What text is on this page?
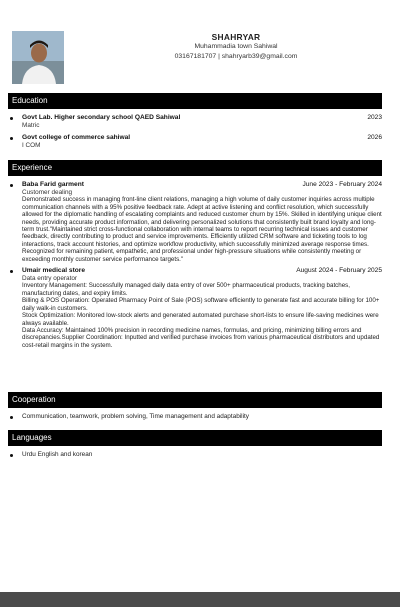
SHAHRYAR
Muhammadia town Sahiwal
03167181707 | shahryarb39@gmail.com
Education
Govt Lab. Higher secondary school QAED Sahiwal	2023
Matric
Govt college of commerce sahiwal	2026
I COM
Experience
Baba Farid garment	June 2023 - February 2024
Customer dealing
Demonstrated success in managing front-line client relations, managing a high volume of daily customer inquiries across multiple communication channels with a 95% positive feedback rate. Adept at active listening and conflict resolution, which successfully allowed for the diplomatic handling of escalating complaints and reduced customer churn by 15%. Skilled in identifying unique client needs, providing accurate product information, and delivering personalized solutions that consistently built brand loyalty and long-term trust."Maintained strict cross-functional collaboration with internal teams to report recurring technical issues and customer feedback, directly contributing to product and service improvements. Efficiently utilized CRM software and ticketing tools to log interactions, track account histories, and optimize workflow productivity, which successfully minimized average response times. Recognized for remaining patient, empathetic, and professional under high-pressure situations while consistently meeting or exceeding monthly customer service performance targets."
Umair medical store	August 2024 - February 2025
Data entry operator
Inventory Management: Successfully managed daily data entry of over 500+ pharmaceutical products, tracking batches, manufacturing dates, and expiry limits.
Billing & POS Operation: Operated Pharmacy Point of Sale (POS) software efficiently to generate fast and accurate billing for 100+ daily walk-in customers.
Stock Optimization: Monitored low-stock alerts and generated automated purchase short-lists to ensure life-saving medicines were always available.
Data Accuracy: Maintained 100% precision in recording medicine names, formulas, and pricing, minimizing billing errors and discrepancies.Supplier Coordination: Inputted and verified purchase invoices from various pharmaceutical distributors and updated cost-retail margins in the system.
Cooperation
Communication, teamwork, problem solving, Time management and adaptability
Languages
Urdu English and korean
